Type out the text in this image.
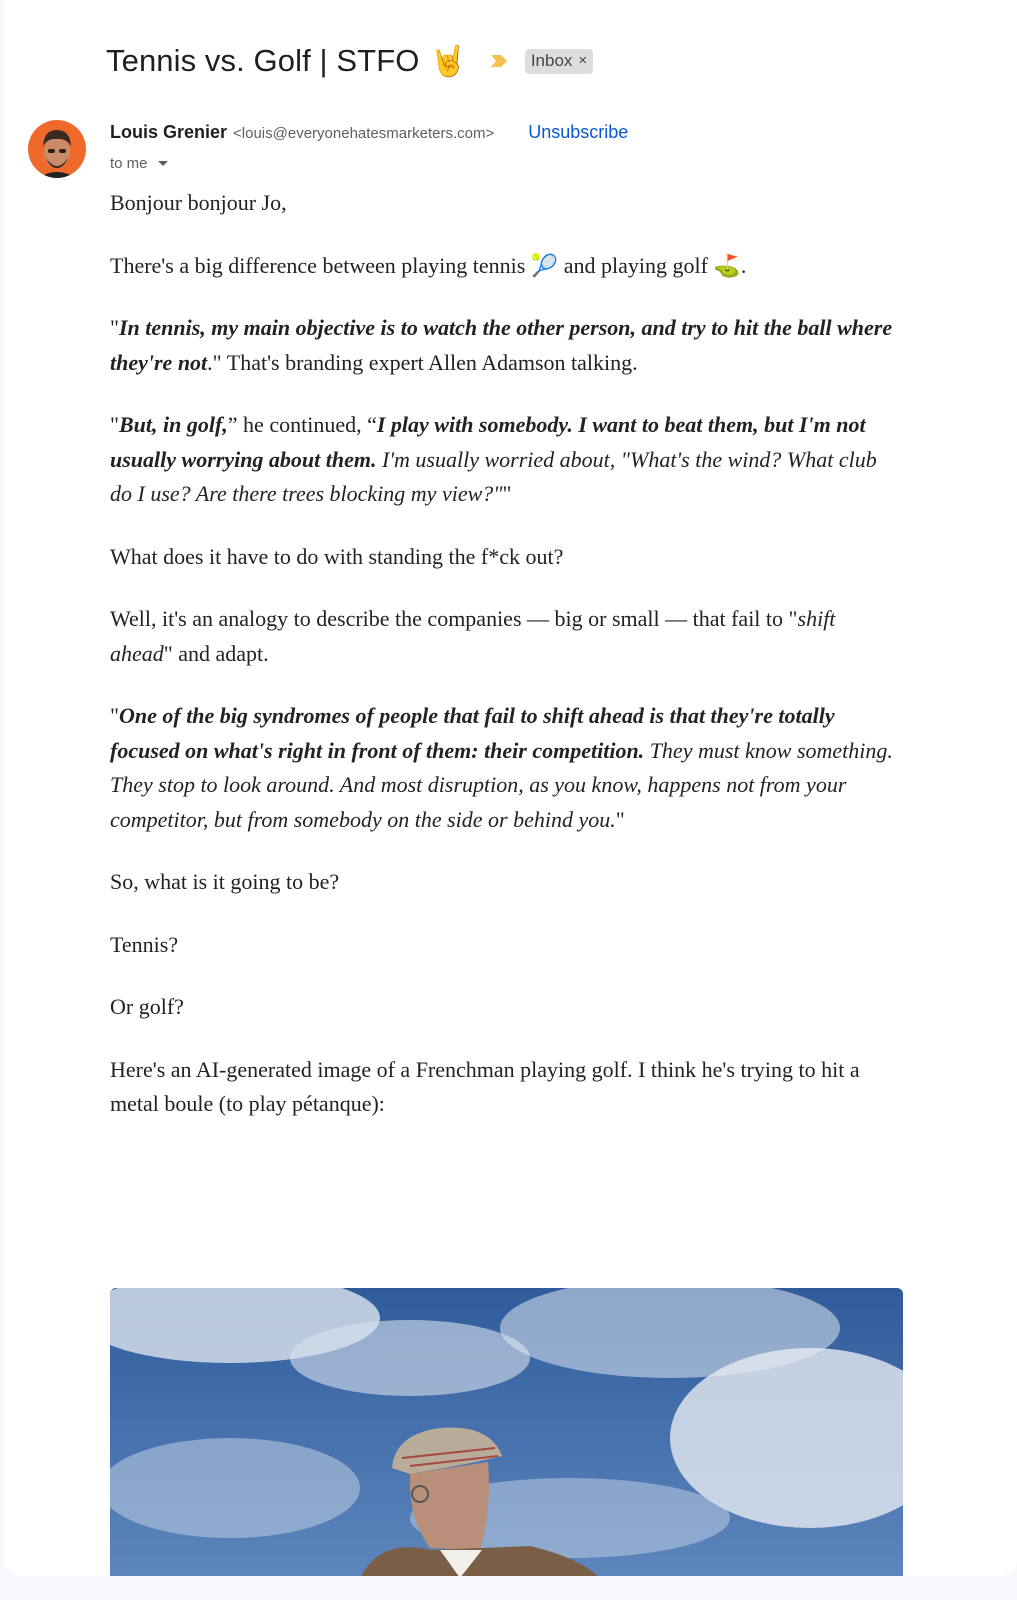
Tennis vs. Golf | STFO 🤘	Inbox ×
Louis Grenier <louis@everyonehatesmarketers.com> Unsubscribe
to me

Bonjour bonjour Jo,

There's a big difference between playing tennis 🎾 and playing golf ⛳.

"In tennis, my main objective is to watch the other person, and try to hit the ball where they're not." That's branding expert Allen Adamson talking.

"But, in golf,” he continued, “I play with somebody. I want to beat them, but I'm not usually worrying about them. I'm usually worried about, "What's the wind? What club do I use? Are there trees blocking my view?""

What does it have to do with standing the f*ck out?

Well, it's an analogy to describe the companies — big or small — that fail to "shift ahead" and adapt.

"One of the big syndromes of people that fail to shift ahead is that they're totally focused on what's right in front of them: their competition. They must know something. They stop to look around. And most disruption, as you know, happens not from your competitor, but from somebody on the side or behind you."

So, what is it going to be?

Tennis?

Or golf?

Here's an AI-generated image of a Frenchman playing golf. I think he's trying to hit a metal boule (to play pétanque):
